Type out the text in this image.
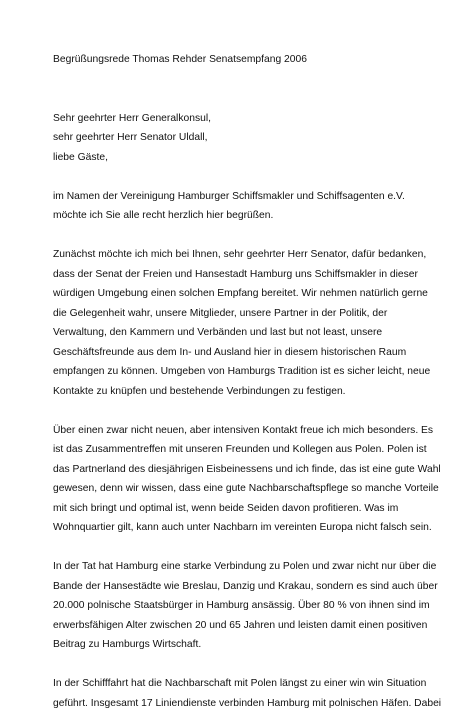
Begrüßungsrede Thomas Rehder Senatsempfang 2006
Sehr geehrter Herr Generalkonsul,
sehr geehrter Herr Senator Uldall,
liebe Gäste,
im Namen der Vereinigung Hamburger Schiffsmakler und Schiffsagenten e.V.
möchte ich Sie alle recht herzlich hier begrüßen.
Zunächst möchte ich mich bei Ihnen, sehr geehrter Herr Senator, dafür bedanken,
dass der Senat der Freien und Hansestadt Hamburg uns Schiffsmakler in dieser
würdigen Umgebung einen solchen Empfang bereitet. Wir nehmen natürlich gerne
die Gelegenheit wahr, unsere Mitglieder, unsere Partner in der Politik, der
Verwaltung, den Kammern und Verbänden und last but not least, unsere
Geschäftsfreunde aus dem In- und Ausland hier in diesem historischen Raum
empfangen zu können. Umgeben von Hamburgs Tradition ist es sicher leicht, neue
Kontakte zu knüpfen und bestehende Verbindungen zu festigen.
Über einen zwar nicht neuen, aber intensiven Kontakt freue ich mich besonders. Es
ist das Zusammentreffen mit unseren Freunden und Kollegen aus Polen. Polen ist
das Partnerland des diesjährigen Eisbeinessens und ich finde, das ist eine gute Wahl
gewesen, denn wir wissen, dass eine gute Nachbarschaftspflege so manche Vorteile
mit sich bringt und optimal ist, wenn beide Seiden davon profitieren. Was im
Wohnquartier gilt, kann auch unter Nachbarn im vereinten Europa nicht falsch sein.
In der Tat hat Hamburg eine starke Verbindung zu Polen und zwar nicht nur über die
Bande der Hansestädte wie Breslau, Danzig und Krakau, sondern es sind auch über
20.000 polnische Staatsbürger in Hamburg ansässig. Über 80 % von ihnen sind im
erwerbsfähigen Alter zwischen 20 und 65 Jahren und leisten damit einen positiven
Beitrag zu Hamburgs Wirtschaft.
In der Schifffahrt hat die Nachbarschaft mit Polen längst zu einer win win Situation
geführt. Insgesamt 17 Liniendienste verbinden Hamburg mit polnischen Häfen. Dabei
